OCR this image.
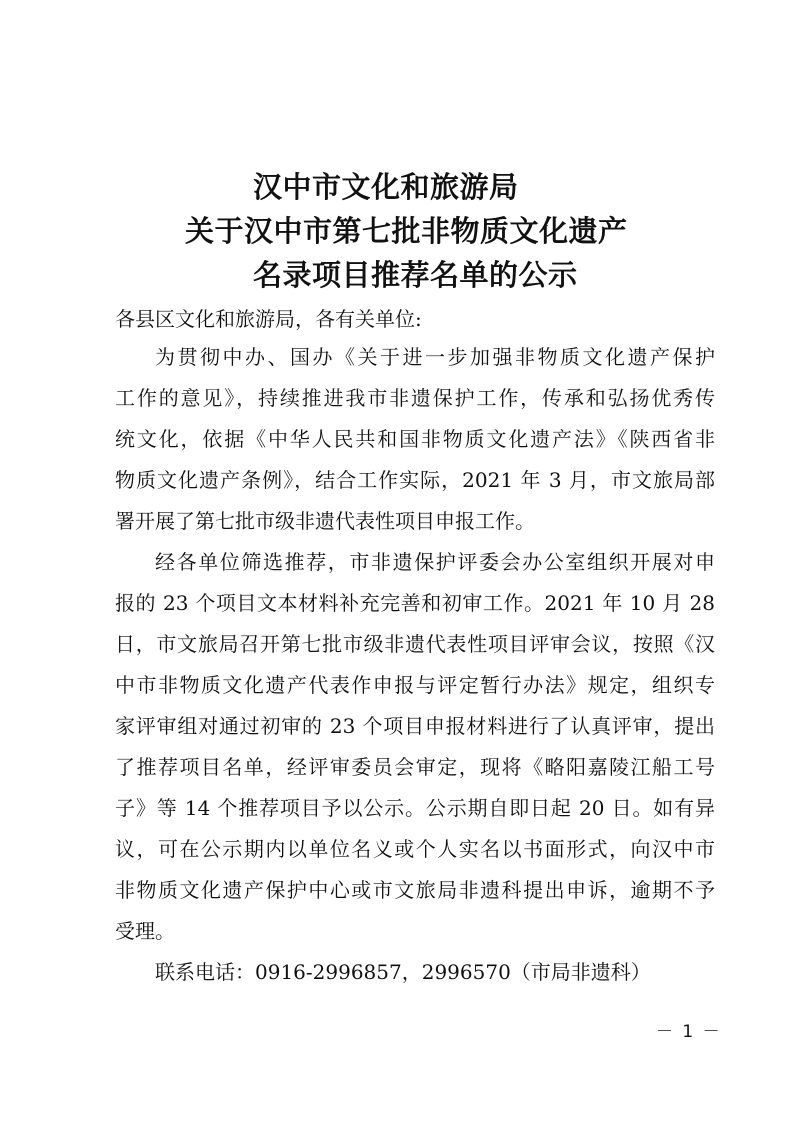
汉中市文化和旅游局
关于汉中市第七批非物质文化遗产
名录项目推荐名单的公示
各县区文化和旅游局，各有关单位:
为贯彻中办、国办《关于进一步加强非物质文化遗产保护
工作的意见》，持续推进我市非遗保护工作，传承和弘扬优秀传
统文化，依据《中华人民共和国非物质文化遗产法》《陕西省非
物质文化遗产条例》，结合工作实际，2021 年 3 月，市文旅局部
署开展了第七批市级非遗代表性项目申报工作。
经各单位筛选推荐，市非遗保护评委会办公室组织开展对申
报的 23 个项目文本材料补充完善和初审工作。2021 年 10 月 28
日，市文旅局召开第七批市级非遗代表性项目评审会议，按照《汉
中市非物质文化遗产代表作申报与评定暂行办法》规定，组织专
家评审组对通过初审的 23 个项目申报材料进行了认真评审，提出
了推荐项目名单，经评审委员会审定，现将《略阳嘉陵江船工号
子》等 14 个推荐项目予以公示。公示期自即日起 20 日。如有异
议，可在公示期内以单位名义或个人实名以书面形式，向汉中市
非物质文化遗产保护中心或市文旅局非遗科提出申诉，逾期不予
受理。
联系电话：0916-2996857，2996570（市局非遗科）
－ 1 －
